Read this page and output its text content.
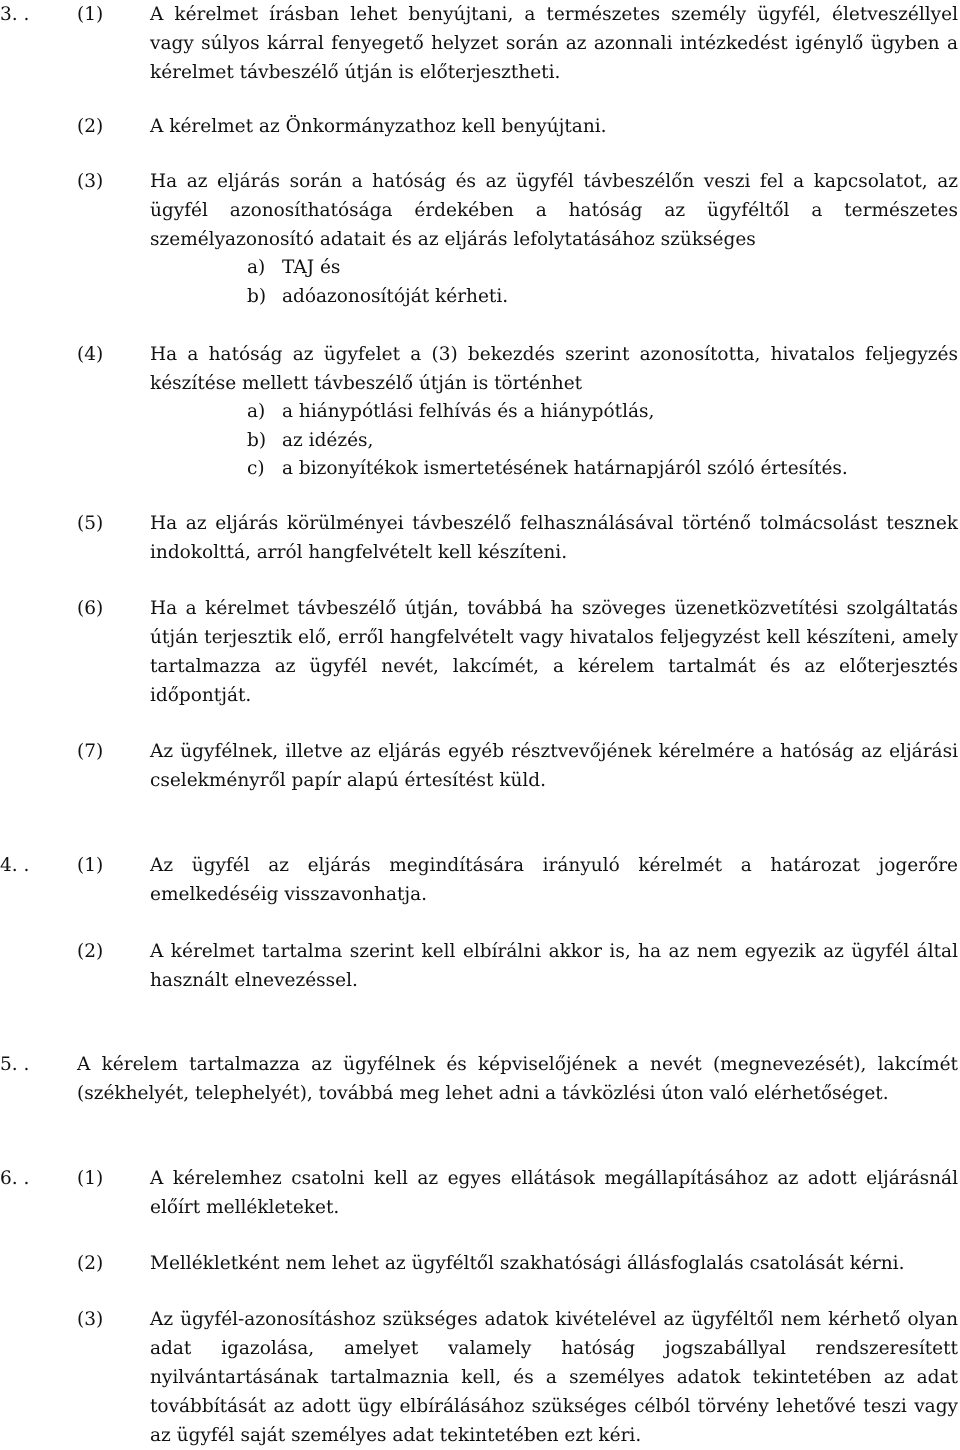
3. .	(1)	A kérelmet írásban lehet benyújtani, a természetes személy ügyfél, életveszéllyel vagy súlyos kárral fenyegető helyzet során az azonnali intézkedést igénylő ügyben a kérelmet távbeszélő útján is előterjesztheti.

(2)	A kérelmet az Önkormányzathoz kell benyújtani.

(3)	Ha az eljárás során a hatóság és az ügyfél távbeszélőn veszi fel a kapcsolatot, az ügyfél azonosíthatósága érdekében a hatóság az ügyféltől a természetes személyazonosító adatait és az eljárás lefolytatásához szükséges

a) TAJ és
b) adóazonosítóját kérheti.
(4)	Ha a hatóság az ügyfelet a (3) bekezdés szerint azonosította, hivatalos feljegyzés készítése mellett távbeszélő útján is történhet

a) a hiánypótlási felhívás és a hiánypótlás,
b) az idézés,
c) a bizonyítékok ismertetésének határnapjáról szóló értesítés.
(5)	Ha az eljárás körülményei távbeszélő felhasználásával történő tolmácsolást tesznek indokolttá, arról hangfelvételt kell készíteni.

(6)	Ha a kérelmet távbeszélő útján, továbbá ha szöveges üzenetközvetítési szolgáltatás útján terjesztik elő, erről hangfelvételt vagy hivatalos feljegyzést kell készíteni, amely tartalmazza az ügyfél nevét, lakcímét, a kérelem tartalmát és az előterjesztés időpontját.

(7)	Az ügyfélnek, illetve az eljárás egyéb résztvevőjének kérelmére a hatóság az eljárási cselekményről papír alapú értesítést küld.

4. .	(1)	Az ügyfél az eljárás megindítására irányuló kérelmét a határozat jogerőre emelkedéséig visszavonhatja.

(2)	A kérelmet tartalma szerint kell elbírálni akkor is, ha az nem egyezik az ügyfél által használt elnevezéssel.

5. .	A kérelem tartalmazza az ügyfélnek és képviselőjének a nevét (megnevezését), lakcímét (székhelyét, telephelyét), továbbá meg lehet adni a távközlési úton való elérhetőséget.

6. .	(1)	A kérelemhez csatolni kell az egyes ellátások megállapításához az adott eljárásnál előírt mellékleteket.

(2)	Mellékletként nem lehet az ügyféltől szakhatósági állásfoglalás csatolását kérni.

(3)	Az ügyfél-azonosításhoz szükséges adatok kivételével az ügyféltől nem kérhető olyan adat igazolása, amelyet valamely hatóság jogszabállyal rendszeresített nyilvántartásának tartalmaznia kell, és a személyes adatok tekintetében az adat továbbítását az adott ügy elbírálásához szükséges célból törvény lehetővé teszi vagy az ügyfél saját személyes adat tekintetében ezt kéri.
